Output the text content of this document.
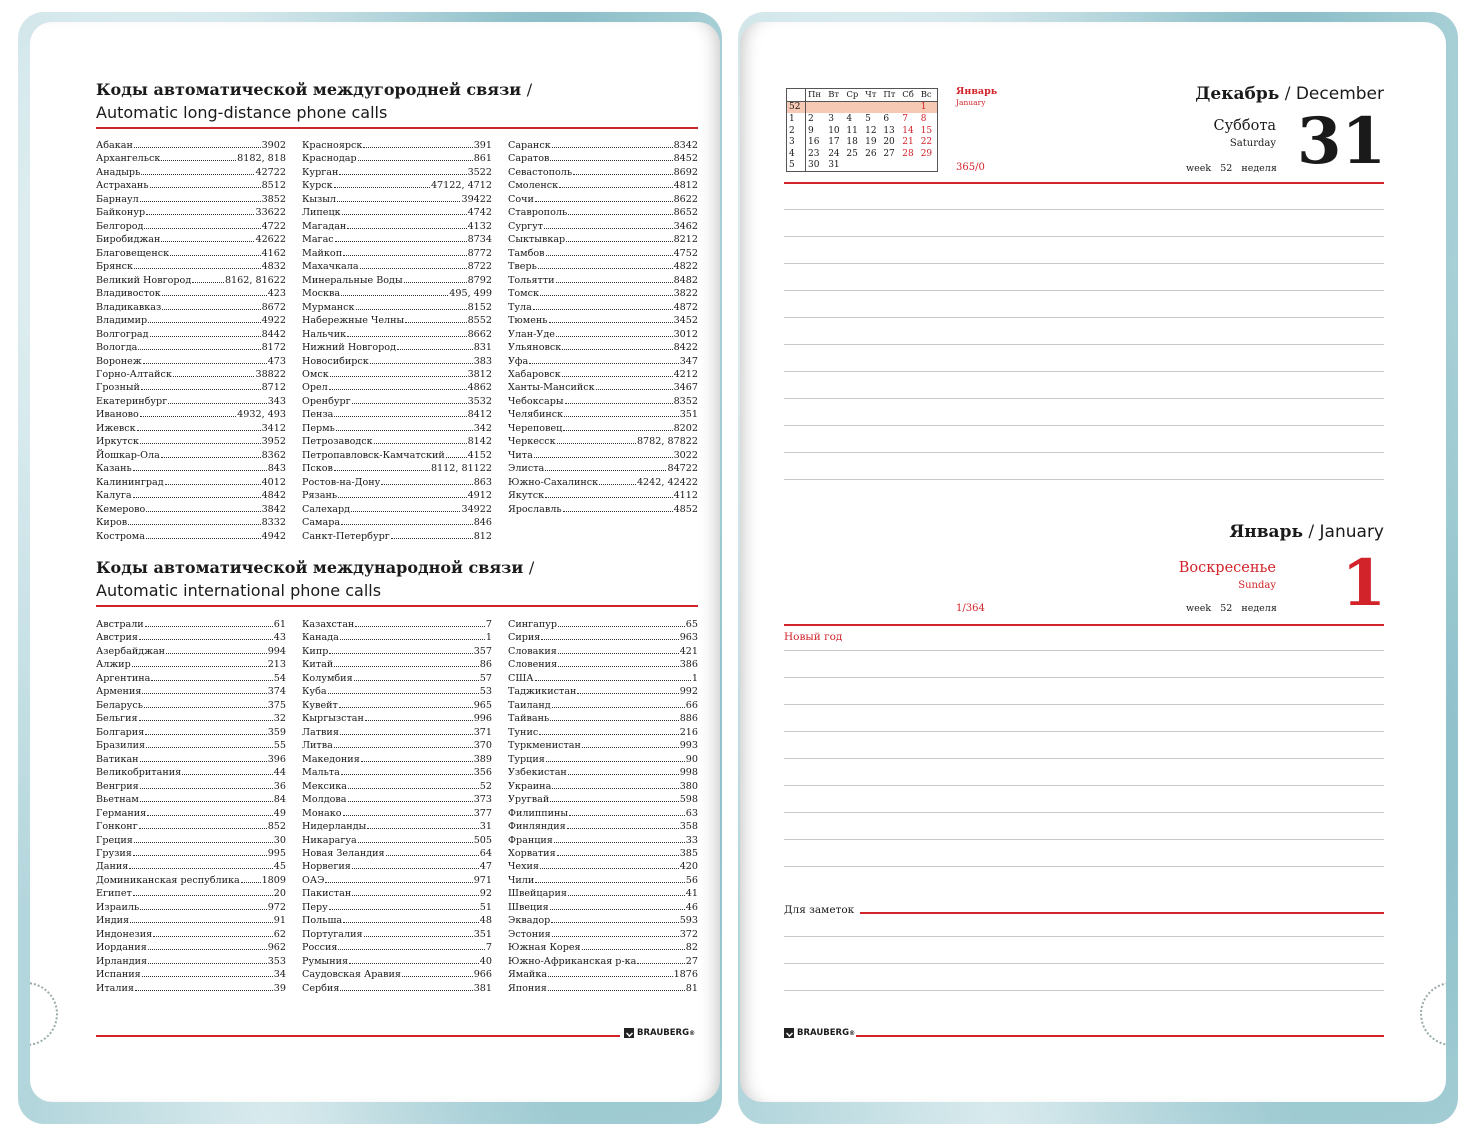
Коды автоматической междугородней связи /
Automatic long-distance phone calls
Абакан	3902
Архангельск	8182, 818
Анадырь	42722
Астрахань	8512
Барнаул	3852
Байконур	33622
Белгород	4722
Биробиджан	42622
Благовещенск	4162
Брянск	4832
Великий Новгород	8162, 81622
Владивосток	423
Владикавказ	8672
Владимир	4922
Волгоград	8442
Вологда	8172
Воронеж	473
Горно-Алтайск	38822
Грозный	8712
Екатеринбург	343
Иваново	4932, 493
Ижевск	3412
Иркутск	3952
Йошкар-Ола	8362
Казань	843
Калининград	4012
Калуга	4842
Кемерово	3842
Киров	8332
Кострома	4942
Красноярск	391
Краснодар	861
Курган	3522
Курск	47122, 4712
Кызыл	39422
Липецк	4742
Магадан	4132
Магас	8734
Майкоп	8772
Махачкала	8722
Минеральные Воды	8792
Москва	495, 499
Мурманск	8152
Набережные Челны	8552
Нальчик	8662
Нижний Новгород	831
Новосибирск	383
Омск	3812
Орел	4862
Оренбург	3532
Пенза	8412
Пермь	342
Петрозаводск	8142
Петропавловск-Камчатский 4152
Псков	8112, 81122
Ростов-на-Дону	863
Рязань	4912
Салехард	34922
Самара	846
Санкт-Петербург	812
Саранск	8342
Саратов	8452
Севастополь	8692
Смоленск	4812
Сочи	8622
Ставрополь	8652
Сургут	3462
Сыктывкар	8212
Тамбов	4752
Тверь	4822
Тольятти	8482
Томск	3822
Тула	4872
Тюмень	3452
Улан-Уде	3012
Ульяновск	8422
Уфа	347
Хабаровск	4212
Ханты-Мансийск	3467
Чебоксары	8352
Челябинск	351
Череповец	8202
Черкесск	8782, 87822
Чита	3022
Элиста	84722
Южно-Сахалинск	4242, 42422
Якутск	4112
Ярославль	4852
Коды автоматической международной связи /
Automatic international phone calls
Австрали	61
Австрия	43
Азербайджан	994
Алжир	213
Аргентина	54
Армения	374
Беларусь	375
Бельгия	32
Болгария	359
Бразилия	55
Ватикан	396
Великобритания	44
Венгрия	36
Вьетнам	84
Германия	49
Гонконг	852
Греция	30
Грузия	995
Дания	45
Доминиканская республика 1809
Египет	20
Израиль	972
Индия	91
Индонезия	62
Иордания	962
Ирландия	353
Испания	34
Италия	39
Казахстан	7
Канада	1
Кипр	357
Китай	86
Колумбия	57
Куба	53
Кувейт	965
Кыргызстан	996
Латвия	371
Литва	370
Македония	389
Мальта	356
Мексика	52
Молдова	373
Монако	377
Нидерланды	31
Никарагуа	505
Новая Зеландия	64
Норвегия	47
ОАЭ	971
Пакистан	92
Перу	51
Польша	48
Португалия	351
Россия	7
Румыния	40
Саудовская Аравия	966
Сербия	381
Сингапур	65
Сирия	963
Словакия	421
Словения	386
США	1
Таджикистан	992
Таиланд	66
Тайвань	886
Тунис	216
Туркменистан	993
Турция	90
Узбекистан	998
Украина	380
Уругвай	598
Филиппины	63
Финляндия	358
Франция	33
Хорватия	385
Чехия	420
Чили	56
Швейцария	41
Швеция	46
Эквадор	593
Эстония	372
Южная Корея	82
Южно-Африканская р-ка	27
Ямайка	1876
Япония	81
BRAUBERG ®
	Пн	Вт	Ср	Чт	Пт	Сб	Вс
52							1
1	2	3	4	5	6	7	8
2	9	10	11	12	13	14	15
3	16	17	18	19	20	21	22
4	23	24	25	26	27	28	29
5	30	31					
Январь
January	Декабрь / December
Суббота
Saturday 31
365/0	week 52 неделя
Январь / January
Воскресенье
Sunday	1
1/364	week 52 неделя
Новый год
Для заметок
BRAUBERG ®
